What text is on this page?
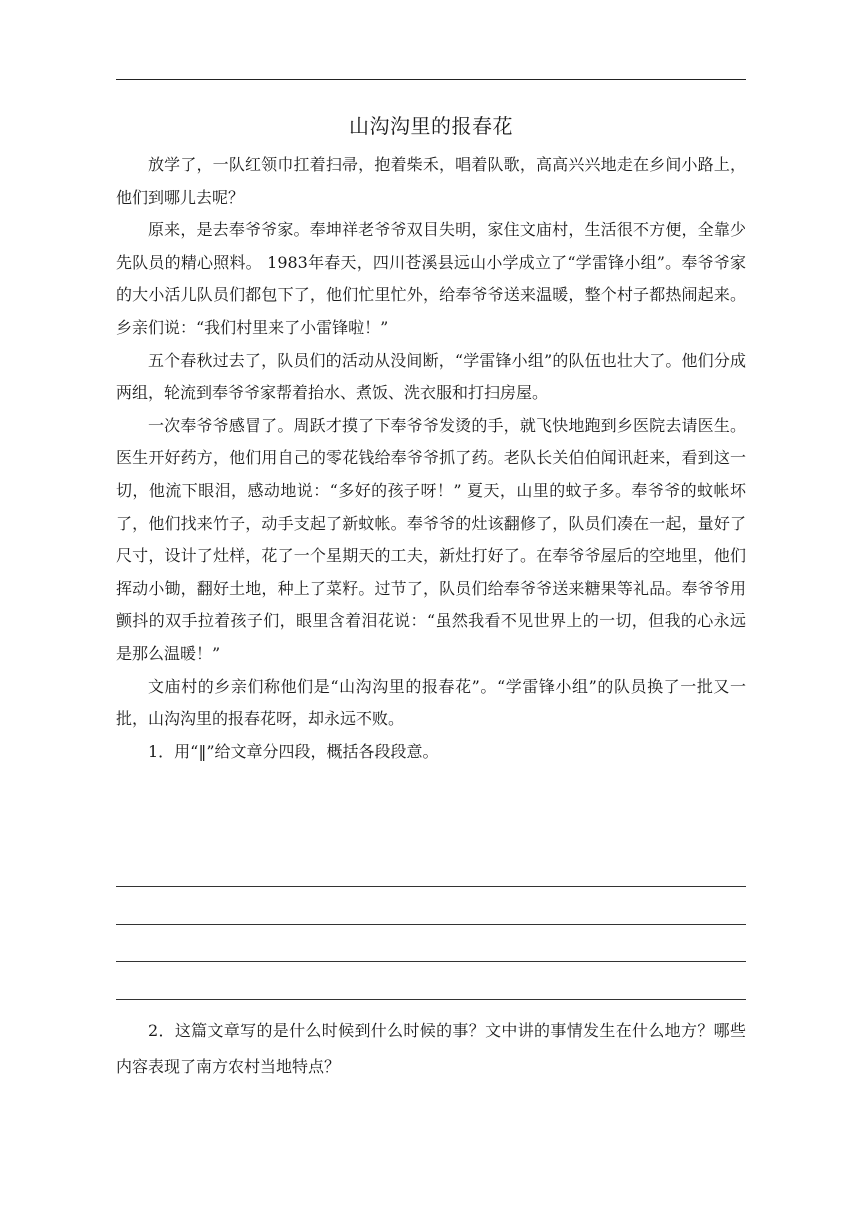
山沟沟里的报春花

放学了，一队红领巾扛着扫帚，抱着柴禾，唱着队歌，高高兴兴地走在乡间小路上，他们到哪儿去呢？

原来，是去奉爷爷家。奉坤祥老爷爷双目失明，家住文庙村，生活很不方便，全靠少先队员的精心照料。 1983年春天，四川苍溪县远山小学成立了“学雷锋小组”。奉爷爷家的大小活儿队员们都包下了，他们忙里忙外，给奉爷爷送来温暖，整个村子都热闹起来。乡亲们说：“我们村里来了小雷锋啦！”

五个春秋过去了，队员们的活动从没间断，“学雷锋小组”的队伍也壮大了。他们分成两组，轮流到奉爷爷家帮着抬水、煮饭、洗衣服和打扫房屋。

一次奉爷爷感冒了。周跃才摸了下奉爷爷发烫的手，就飞快地跑到乡医院去请医生。医生开好药方，他们用自己的零花钱给奉爷爷抓了药。老队长关伯伯闻讯赶来，看到这一切，他流下眼泪，感动地说：“多好的孩子呀！” 夏天，山里的蚊子多。奉爷爷的蚊帐坏了，他们找来竹子，动手支起了新蚊帐。奉爷爷的灶该翻修了，队员们凑在一起，量好了尺寸，设计了灶样，花了一个星期天的工夫，新灶打好了。在奉爷爷屋后的空地里，他们挥动小锄，翻好土地，种上了菜籽。过节了，队员们给奉爷爷送来糖果等礼品。奉爷爷用颤抖的双手拉着孩子们，眼里含着泪花说：“虽然我看不见世界上的一切，但我的心永远是那么温暖！”

文庙村的乡亲们称他们是“山沟沟里的报春花”。“学雷锋小组”的队员换了一批又一批，山沟沟里的报春花呀，却永远不败。

1．用“‖”给文章分四段，概括各段段意。

2．这篇文章写的是什么时候到什么时候的事？文中讲的事情发生在什么地方？哪些内容表现了南方农村当地特点？
